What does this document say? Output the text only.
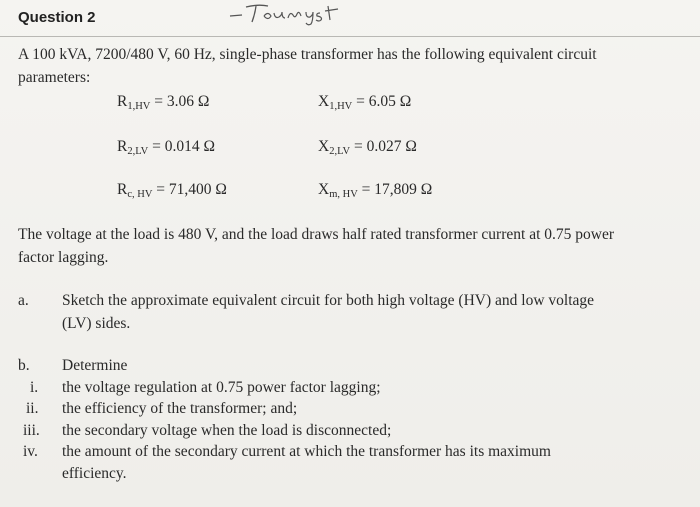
Question 2
A 100 kVA, 7200/480 V, 60 Hz, single-phase transformer has the following equivalent circuit
parameters:
$R_{1,HV} = 3.06$ Ω	$X_{1,HV} = 6.05$ Ω
$R_{2,LV} = 0.014$ Ω	$X_{2,LV} = 0.027$ Ω
$R_{c, HV} = 71,400$ Ω	$X_{m, HV} = 17,809$ Ω
The voltage at the load is 480 V, and the load draws half rated transformer current at 0.75 power
factor lagging.
a. Sketch the approximate equivalent circuit for both high voltage (HV) and low voltage
(LV) sides.
b. Determine
i. the voltage regulation at 0.75 power factor lagging;
ii. the efficiency of the transformer; and;
iii. the secondary voltage when the load is disconnected;
iv. the amount of the secondary current at which the transformer has its maximum
efficiency.
